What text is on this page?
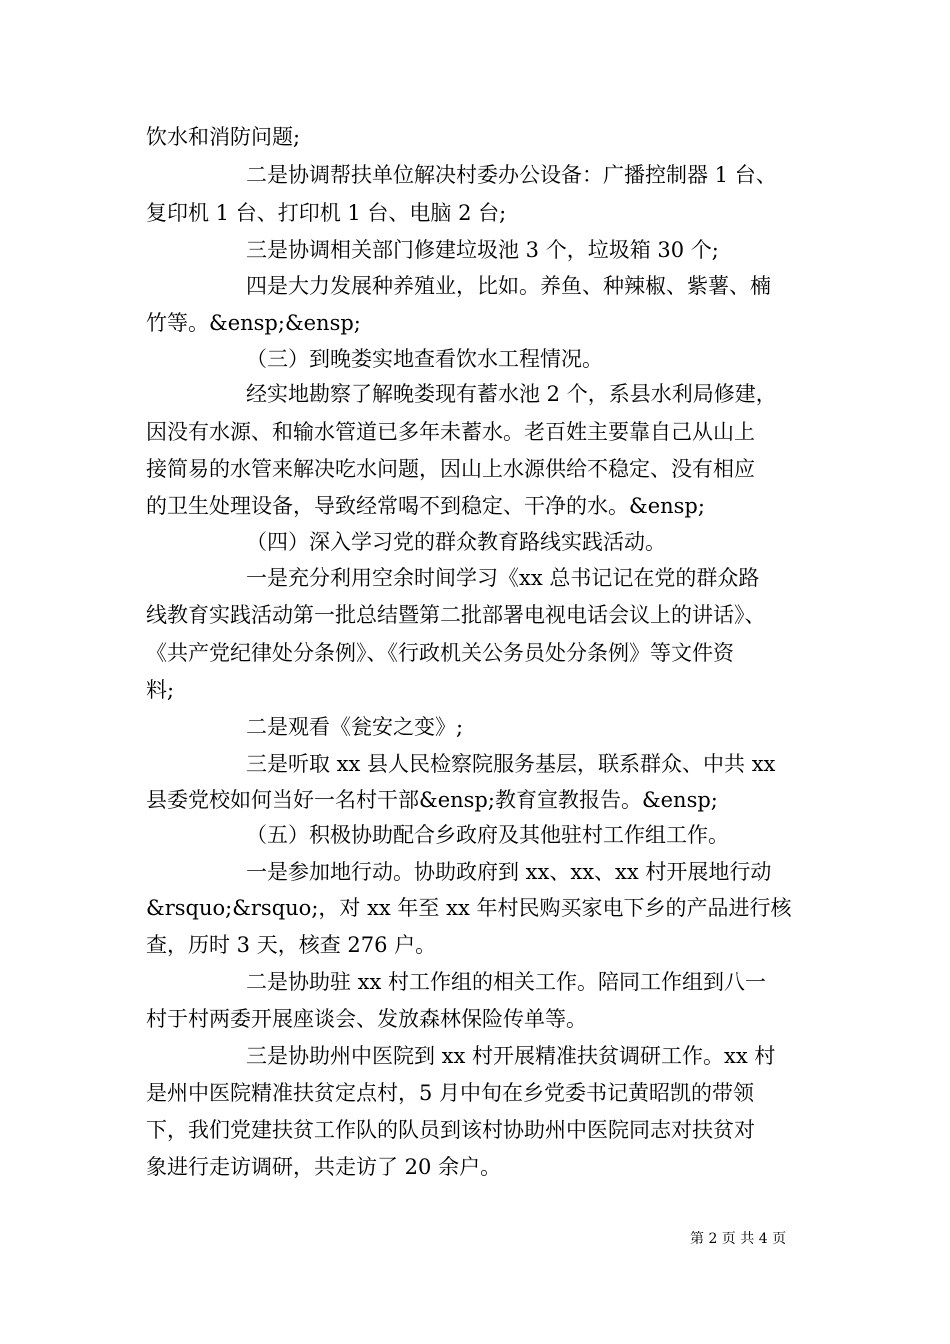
饮水和消防问题;
二是协调帮扶单位解决村委办公设备：广播控制器 1 台、
复印机 1 台、打印机 1 台、电脑 2 台;
三是协调相关部门修建垃圾池 3 个，垃圾箱 30 个;
四是大力发展种养殖业，比如。养鱼、种辣椒、紫薯、楠
竹等。&ensp;&ensp;
（三）到晚娄实地查看饮水工程情况。
经实地勘察了解晚娄现有蓄水池 2 个，系县水利局修建，
因没有水源、和输水管道已多年未蓄水。老百姓主要靠自己从山上
接简易的水管来解决吃水问题，因山上水源供给不稳定、没有相应
的卫生处理设备，导致经常喝不到稳定、干净的水。&ensp;
（四）深入学习党的群众教育路线实践活动。
一是充分利用空余时间学习《xx 总书记记在党的群众路
线教育实践活动第一批总结暨第二批部署电视电话会议上的讲话》、
《共产党纪律处分条例》、《行政机关公务员处分条例》等文件资
料;
二是观看《瓮安之变》;
三是听取 xx 县人民检察院服务基层，联系群众、中共 xx
县委党校如何当好一名村干部&ensp;教育宣教报告。&ensp;
（五）积极协助配合乡政府及其他驻村工作组工作。
一是参加地行动。协助政府到 xx、xx、xx 村开展地行动
&rsquo;&rsquo;，对 xx 年至 xx 年村民购买家电下乡的产品进行核
查，历时 3 天，核查 276 户。
二是协助驻 xx 村工作组的相关工作。陪同工作组到八一
村于村两委开展座谈会、发放森林保险传单等。
三是协助州中医院到 xx 村开展精准扶贫调研工作。xx 村
是州中医院精准扶贫定点村，5 月中旬在乡党委书记黄昭凯的带领
下，我们党建扶贫工作队的队员到该村协助州中医院同志对扶贫对
象进行走访调研，共走访了 20 余户。
第 2 页 共 4 页
